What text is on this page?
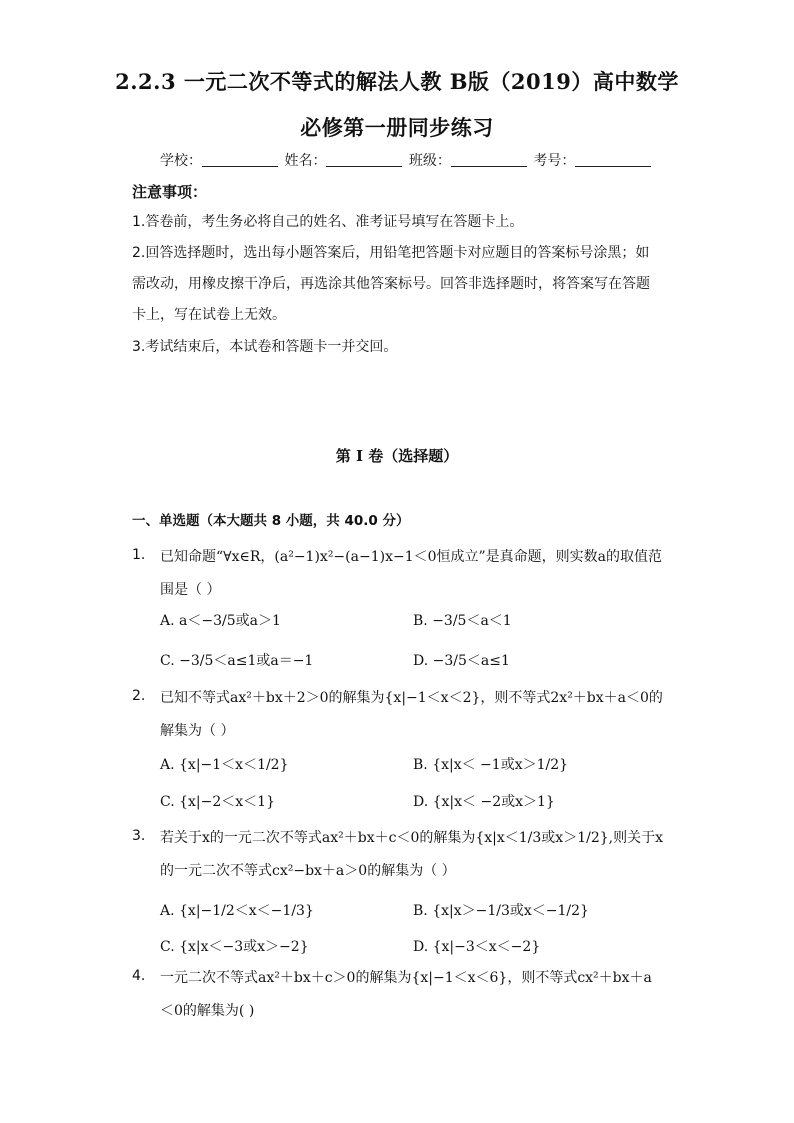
2.2.3 一元二次不等式的解法人教 B版（2019）高中数学
必修第一册同步练习
学校：	姓名：	班级：	考号：
注意事项：
1.答卷前，考生务必将自己的姓名、准考证号填写在答题卡上。
2.回答选择题时，选出每小题答案后，用铅笔把答题卡对应题目的答案标号涂黑；如需改动，用橡皮擦干净后，再选涂其他答案标号。回答非选择题时，将答案写在答题卡上，写在试卷上无效。
3.考试结束后，本试卷和答题卡一并交回。
第 I 卷（选择题）
一、单选题（本大题共 8 小题，共 40.0 分）
1. 已知命题“∀x∈R，(a²−1)x²−(a−1)x−1＜0恒成立”是真命题，则实数a的取值范围是（ ）
A. a＜−3/5或a＞1	B. −3/5＜a＜1
C. −3/5＜a≤1或a＝−1	D. −3/5＜a≤1
2. 已知不等式ax²＋bx＋2＞0的解集为{x|−1＜x＜2}，则不等式2x²＋bx＋a＜0的解集为（ ）
A. {x|−1＜x＜1/2}	B. {x|x＜ −1或x＞1/2}
C. {x|−2＜x＜1}	D. {x|x＜ −2或x＞1}
3. 若关于x的一元二次不等式ax²＋bx＋c＜0的解集为{x|x＜1/3或x＞1/2},则关于x的一元二次不等式cx²−bx＋a＞0的解集为（ ）
A. {x|−1/2＜x＜−1/3}	B. {x|x＞−1/3或x＜−1/2}
C. {x|x＜−3或x＞−2}	D. {x|−3＜x＜−2}
4. 一元二次不等式ax²＋bx＋c＞0的解集为{x|−1＜x＜6}，则不等式cx²＋bx＋a＜0的解集为( )
